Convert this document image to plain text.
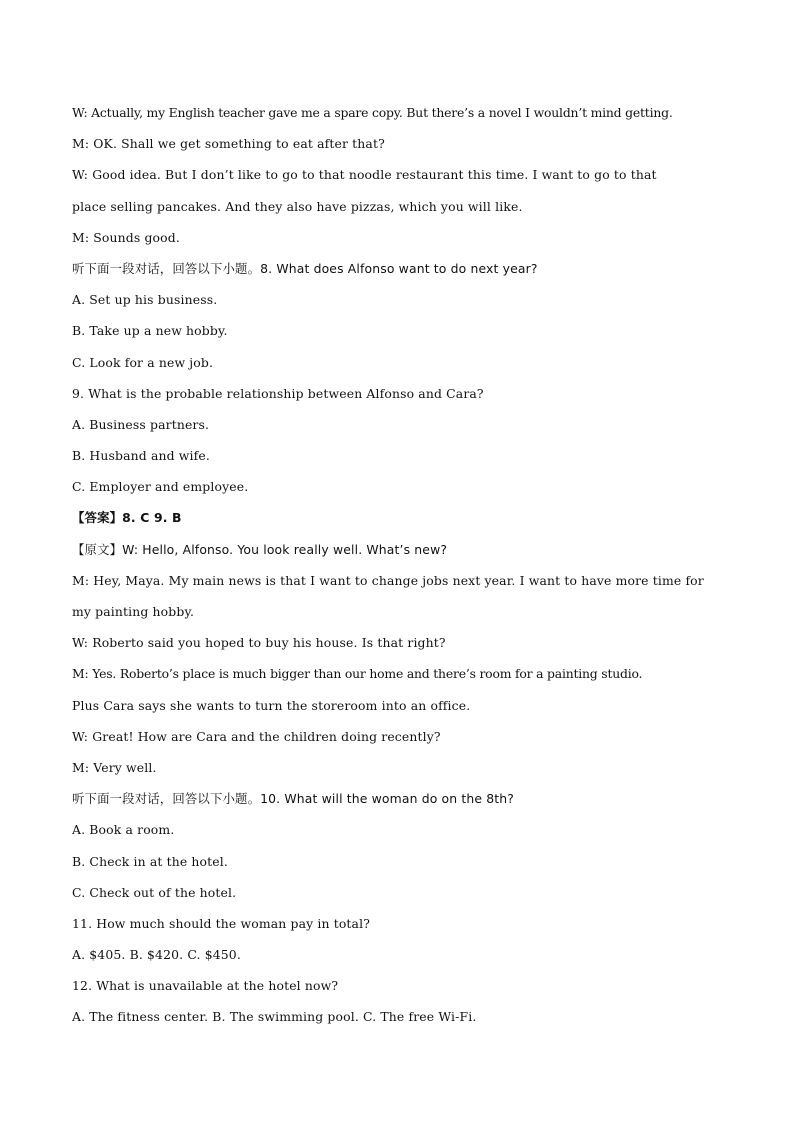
W: Actually, my English teacher gave me a spare copy. But there’s a novel I wouldn’t mind getting.
M: OK. Shall we get something to eat after that?
W: Good idea. But I don’t like to go to that noodle restaurant this time. I want to go to that
place selling pancakes. And they also have pizzas, which you will like.
M: Sounds good.
听下面一段对话，回答以下小题。8. What does Alfonso want to do next year?
A. Set up his business.
B. Take up a new hobby.
C. Look for a new job.
9. What is the probable relationship between Alfonso and Cara?
A. Business partners.
B. Husband and wife.
C. Employer and employee.
【答案】8. C 9. B
【原文】W: Hello, Alfonso. You look really well. What’s new?
M: Hey, Maya. My main news is that I want to change jobs next year. I want to have more time for
my painting hobby.
W: Roberto said you hoped to buy his house. Is that right?
M: Yes. Roberto’s place is much bigger than our home and there’s room for a painting studio.
Plus Cara says she wants to turn the storeroom into an office.
W: Great! How are Cara and the children doing recently?
M: Very well.
听下面一段对话，回答以下小题。10. What will the woman do on the 8th?
A. Book a room.
B. Check in at the hotel.
C. Check out of the hotel.
11. How much should the woman pay in total?
A. $405. B. $420. C. $450.
12. What is unavailable at the hotel now?
A. The fitness center. B. The swimming pool. C. The free Wi-Fi.
